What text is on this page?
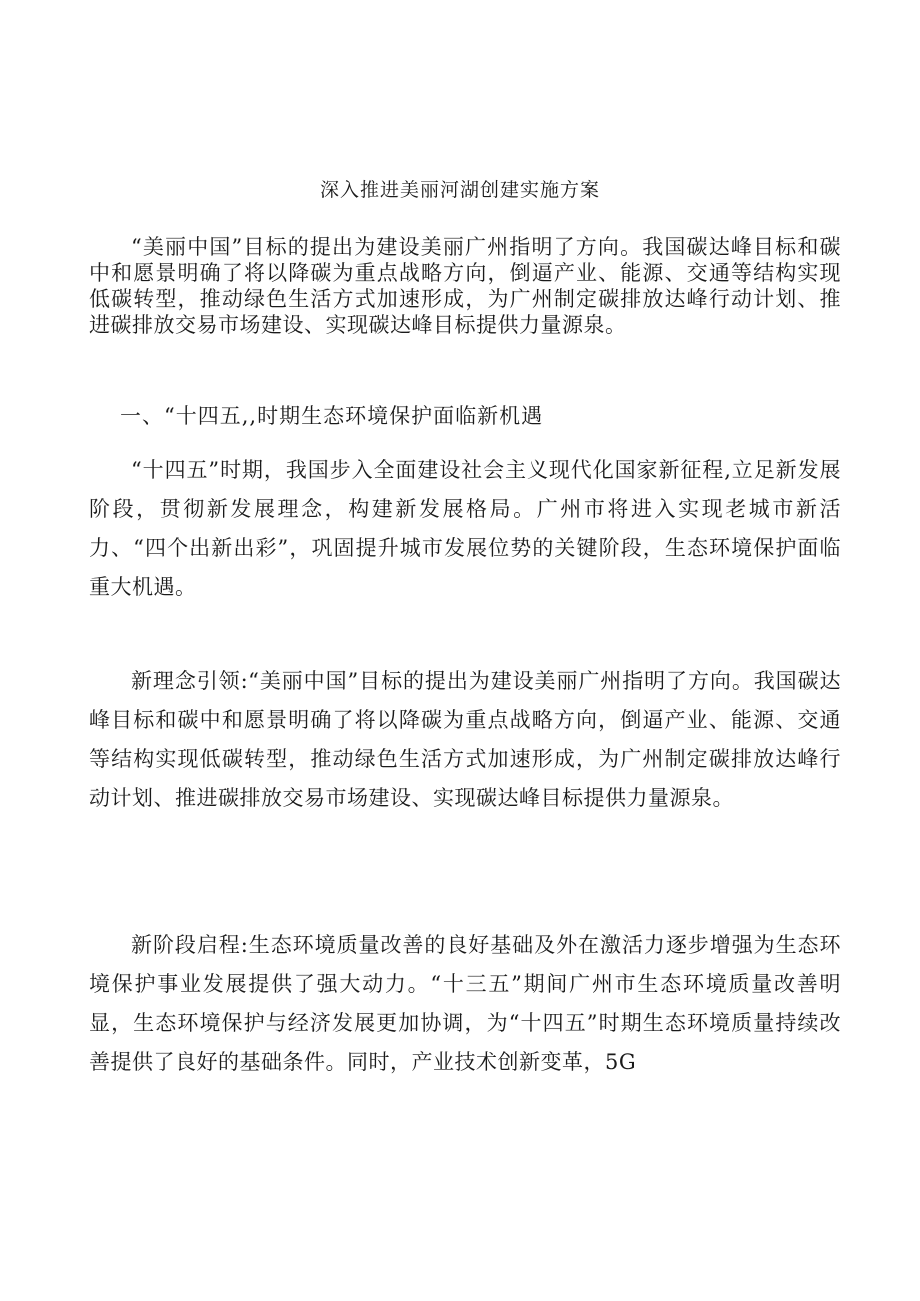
深入推进美丽河湖创建实施方案

“美丽中国”目标的提出为建设美丽广州指明了方向。我国碳达峰目标和碳中和愿景明确了将以降碳为重点战略方向，倒逼产业、能源、交通等结构实现低碳转型，推动绿色生活方式加速形成，为广州制定碳排放达峰行动计划、推进碳排放交易市场建设、实现碳达峰目标提供力量源泉。

一、“十四五,,时期生态环境保护面临新机遇

“十四五”时期，我国步入全面建设社会主义现代化国家新征程,立足新发展阶段，贯彻新发展理念，构建新发展格局。广州市将进入实现老城市新活力、“四个出新出彩”，巩固提升城市发展位势的关键阶段，生态环境保护面临重大机遇。

新理念引领:“美丽中国”目标的提出为建设美丽广州指明了方向。我国碳达峰目标和碳中和愿景明确了将以降碳为重点战略方向，倒逼产业、能源、交通等结构实现低碳转型，推动绿色生活方式加速形成，为广州制定碳排放达峰行动计划、推进碳排放交易市场建设、实现碳达峰目标提供力量源泉。

新阶段启程:生态环境质量改善的良好基础及外在激活力逐步增强为生态环境保护事业发展提供了强大动力。“十三五”期间广州市生态环境质量改善明显，生态环境保护与经济发展更加协调，为“十四五”时期生态环境质量持续改善提供了良好的基础条件。同时，产业技术创新变革，5G
